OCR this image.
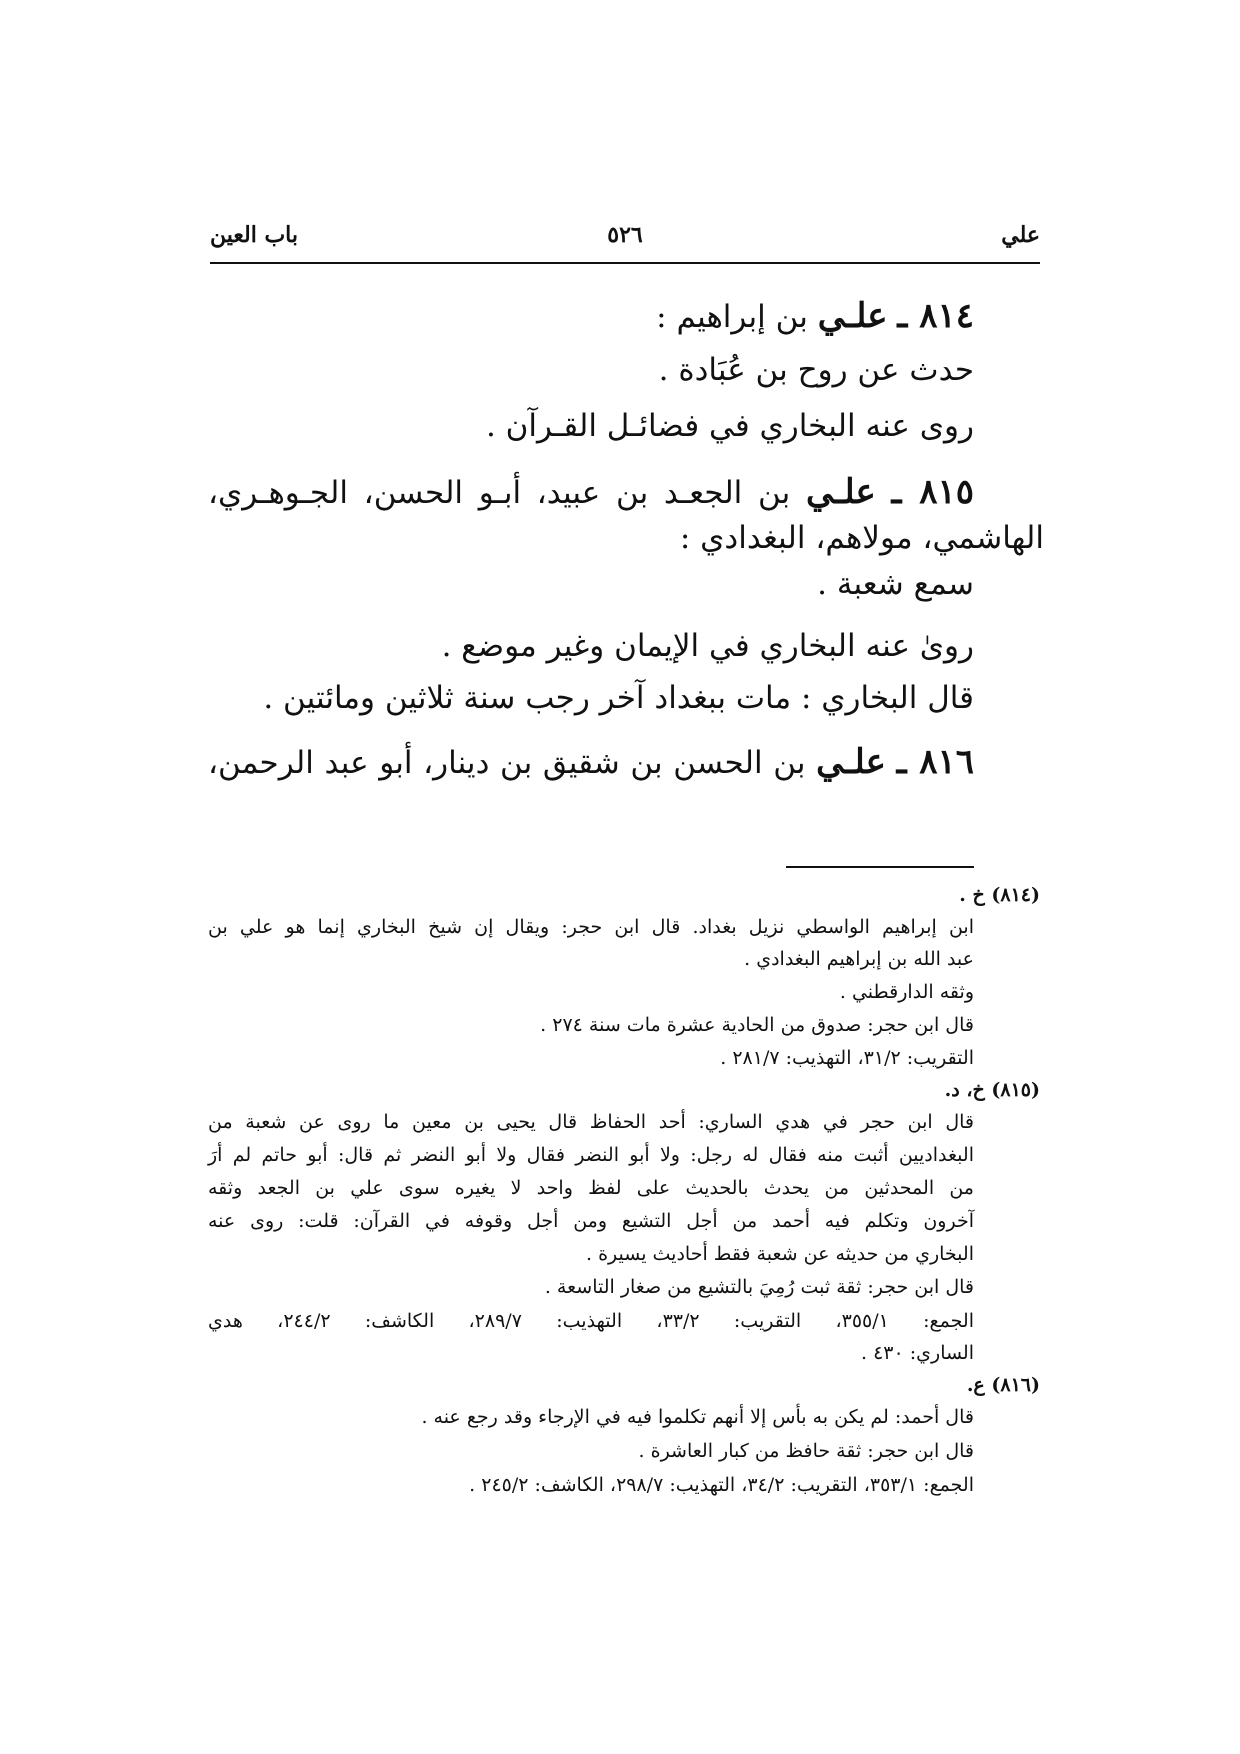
علي
٥٢٦
باب العين
٨١٤ ـ علـي بن إبراهيم :
حدث عن روح بن عُبَادة .
روى عنه البخاري في فضائـل القـرآن .
٨١٥ ـ علـي بن الجعـد بن عبيد، أبـو الحسن، الجـوهـري،
الهاشمي، مولاهم، البغدادي :
سمع شعبة .
روىٰ عنه البخاري في الإيمان وغير موضع .
قال البخاري : مات ببغداد آخر رجب سنة ثلاثين ومائتين .
٨١٦ ـ علـي بن الحسن بن شقيق بن دينار، أبو عبد الرحمن،
(٨١٤) خ .
ابن إبراهيم الواسطي نزيل بغداد. قال ابن حجر: ويقال إن شيخ البخاري إنما هو علي بن
عبد الله بن إبراهيم البغدادي .
وثقه الدارقطني .
قال ابن حجر: صدوق من الحادية عشرة مات سنة ٢٧٤ .
التقريب: ٣١/٢، التهذيب: ٢٨١/٧ .
(٨١٥) خ، د.
قال ابن حجر في هدي الساري: أحد الحفاظ قال يحيى بن معين ما روى عن شعبة من
البغداديين أثبت منه فقال له رجل: ولا أبو النضر فقال ولا أبو النضر ثم قال: أبو حاتم لم أرَ
من المحدثين من يحدث بالحديث على لفظ واحد لا يغيره سوى علي بن الجعد وثقه
آخرون وتكلم فيه أحمد من أجل التشيع ومن أجل وقوفه في القرآن: قلت: روى عنه
البخاري من حديثه عن شعبة فقط أحاديث يسيرة .
قال ابن حجر: ثقة ثبت رُمِيَ بالتشيع من صغار التاسعة .
الجمع: ٣٥٥/١، التقريب: ٣٣/٢، التهذيب: ٢٨٩/٧، الكاشف: ٢٤٤/٢، هدي
الساري: ٤٣٠ .
(٨١٦) ع.
قال أحمد: لم يكن به بأس إلا أنهم تكلموا فيه في الإرجاء وقد رجع عنه .
قال ابن حجر: ثقة حافظ من كبار العاشرة .
الجمع: ٣٥٣/١، التقريب: ٣٤/٢، التهذيب: ٢٩٨/٧، الكاشف: ٢٤٥/٢ .
